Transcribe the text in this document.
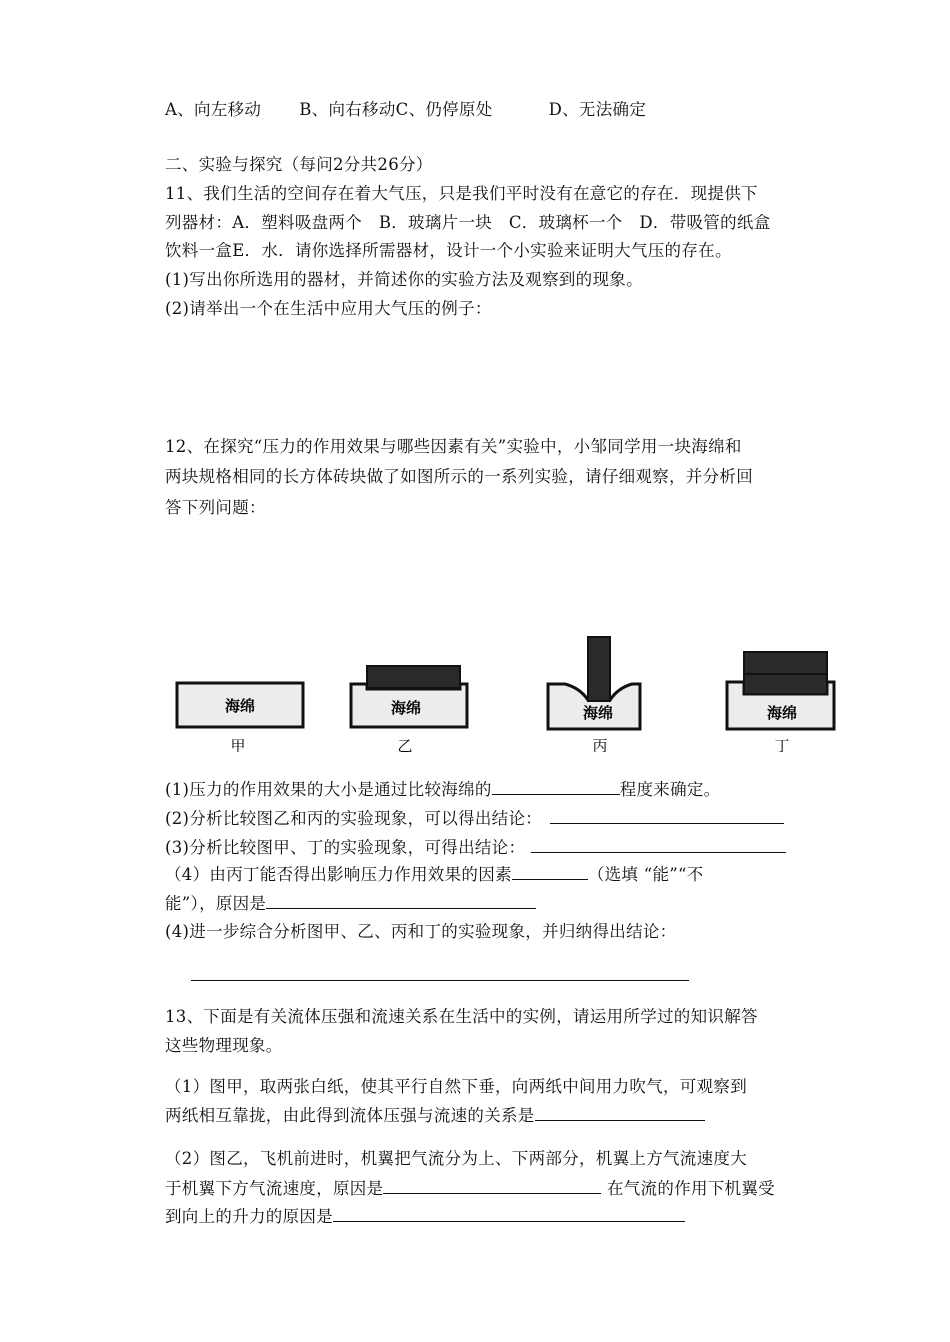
A、向左移动 B、向右移动C、仍停原处	D、无法确定
二、实验与探究（每问2分共26分）
11、我们生活的空间存在着大气压，只是我们平时没有在意它的存在．现提供下
列器材：A．塑料吸盘两个　B．玻璃片一块　C．玻璃杯一个　D．带吸管的纸盒
饮料一盒E．水．请你选择所需器材，设计一个小实验来证明大气压的存在。
(1)写出你所选用的器材，并简述你的实验方法及观察到的现象。
(2)请举出一个在生活中应用大气压的例子：
12、在探究“压力的作用效果与哪些因素有关”实验中，小邹同学用一块海绵和
两块规格相同的长方体砖块做了如图所示的一系列实验，请仔细观察，并分析回
答下列问题：
海绵
甲
海绵
乙
海绵
丙
海绵
丁
(1)压力的作用效果的大小是通过比较海绵的	程度来确定。
(2)分析比较图乙和丙的实验现象，可以得出结论：
(3)分析比较图甲、丁的实验现象，可得出结论：
（4）由丙丁能否得出影响压力作用效果的因素	（选填 “能”“不
能”），原因是
(4)进一步综合分析图甲、乙、丙和丁的实验现象，并归纳得出结论：
13、下面是有关流体压强和流速关系在生活中的实例，请运用所学过的知识解答
这些物理现象。
（1）图甲，取两张白纸，使其平行自然下垂，向两纸中间用力吹气，可观察到
两纸相互靠拢，由此得到流体压强与流速的关系是
（2）图乙，飞机前进时，机翼把气流分为上、下两部分，机翼上方气流速度大
于机翼下方气流速度，原因是	在气流的作用下机翼受
到向上的升力的原因是
